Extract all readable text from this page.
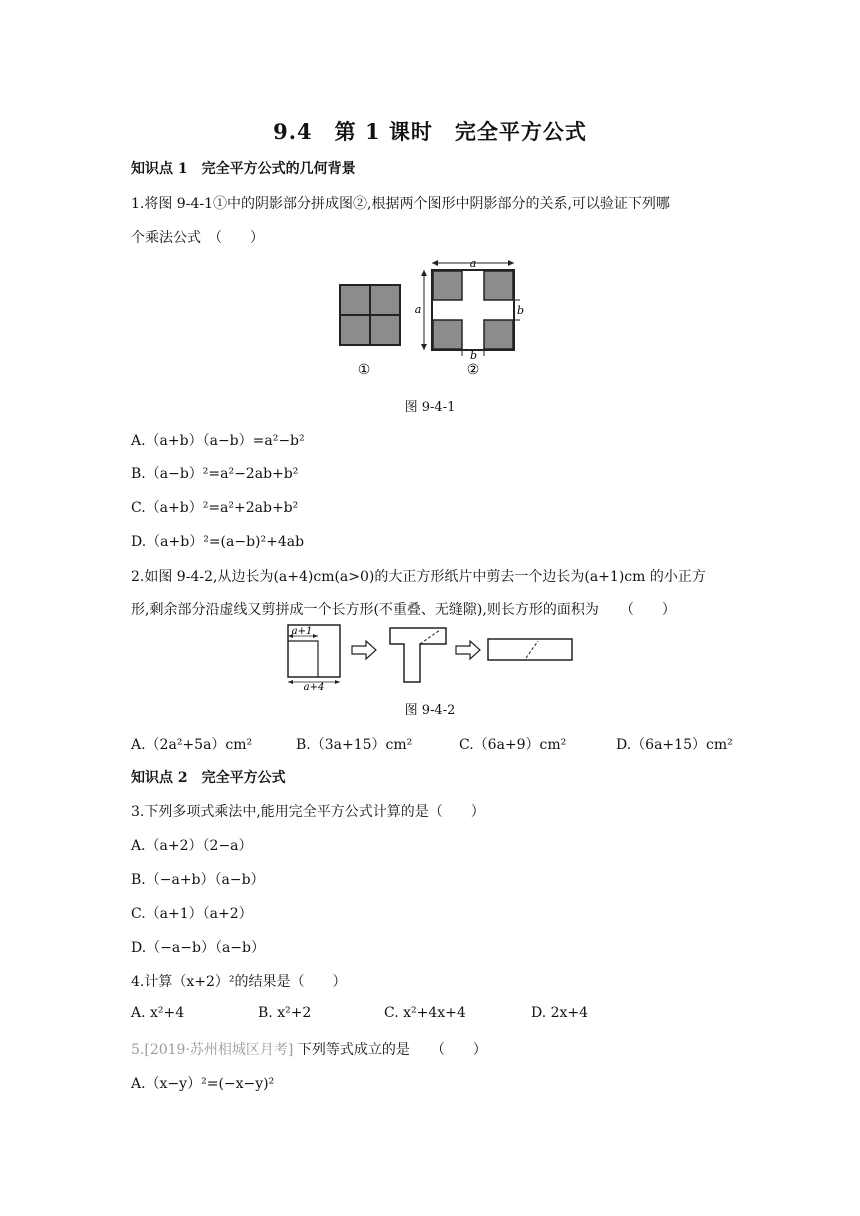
9.4　第 1 课时　完全平方公式
知识点 1　完全平方公式的几何背景
1.将图 9-4-1①中的阴影部分拼成图②,根据两个图形中阴影部分的关系,可以验证下列哪
个乘法公式　（　　）
a
a	b
b
①	②
图 9-4-1
A.（a+b）（a−b）=a²−b²
B.（a−b）²=a²−2ab+b²
C.（a+b）²=a²+2ab+b²
D.（a+b）²=(a−b)²+4ab
2.如图 9-4-2,从边长为(a+4)cm(a>0)的大正方形纸片中剪去一个边长为(a+1)cm 的小正方
形,剩余部分沿虚线又剪拼成一个长方形(不重叠、无缝隙),则长方形的面积为　　（　　）
a+1
a+4
图 9-4-2
A.（2a²+5a）cm²	B.（3a+15）cm²	C.（6a+9）cm²	D.（6a+15）cm²
知识点 2　完全平方公式
3.下列多项式乘法中,能用完全平方公式计算的是（　　）
A.（a+2）（2−a）
B.（−a+b）（a−b）
C.（a+1）（a+2）
D.（−a−b）（a−b）
4.计算（x+2）²的结果是（　　）
A. x²+4	B. x²+2	C. x²+4x+4	D. 2x+4
5.[2019·苏州相城区月考] 下列等式成立的是　　（　　）
A.（x−y）²=(−x−y)²
